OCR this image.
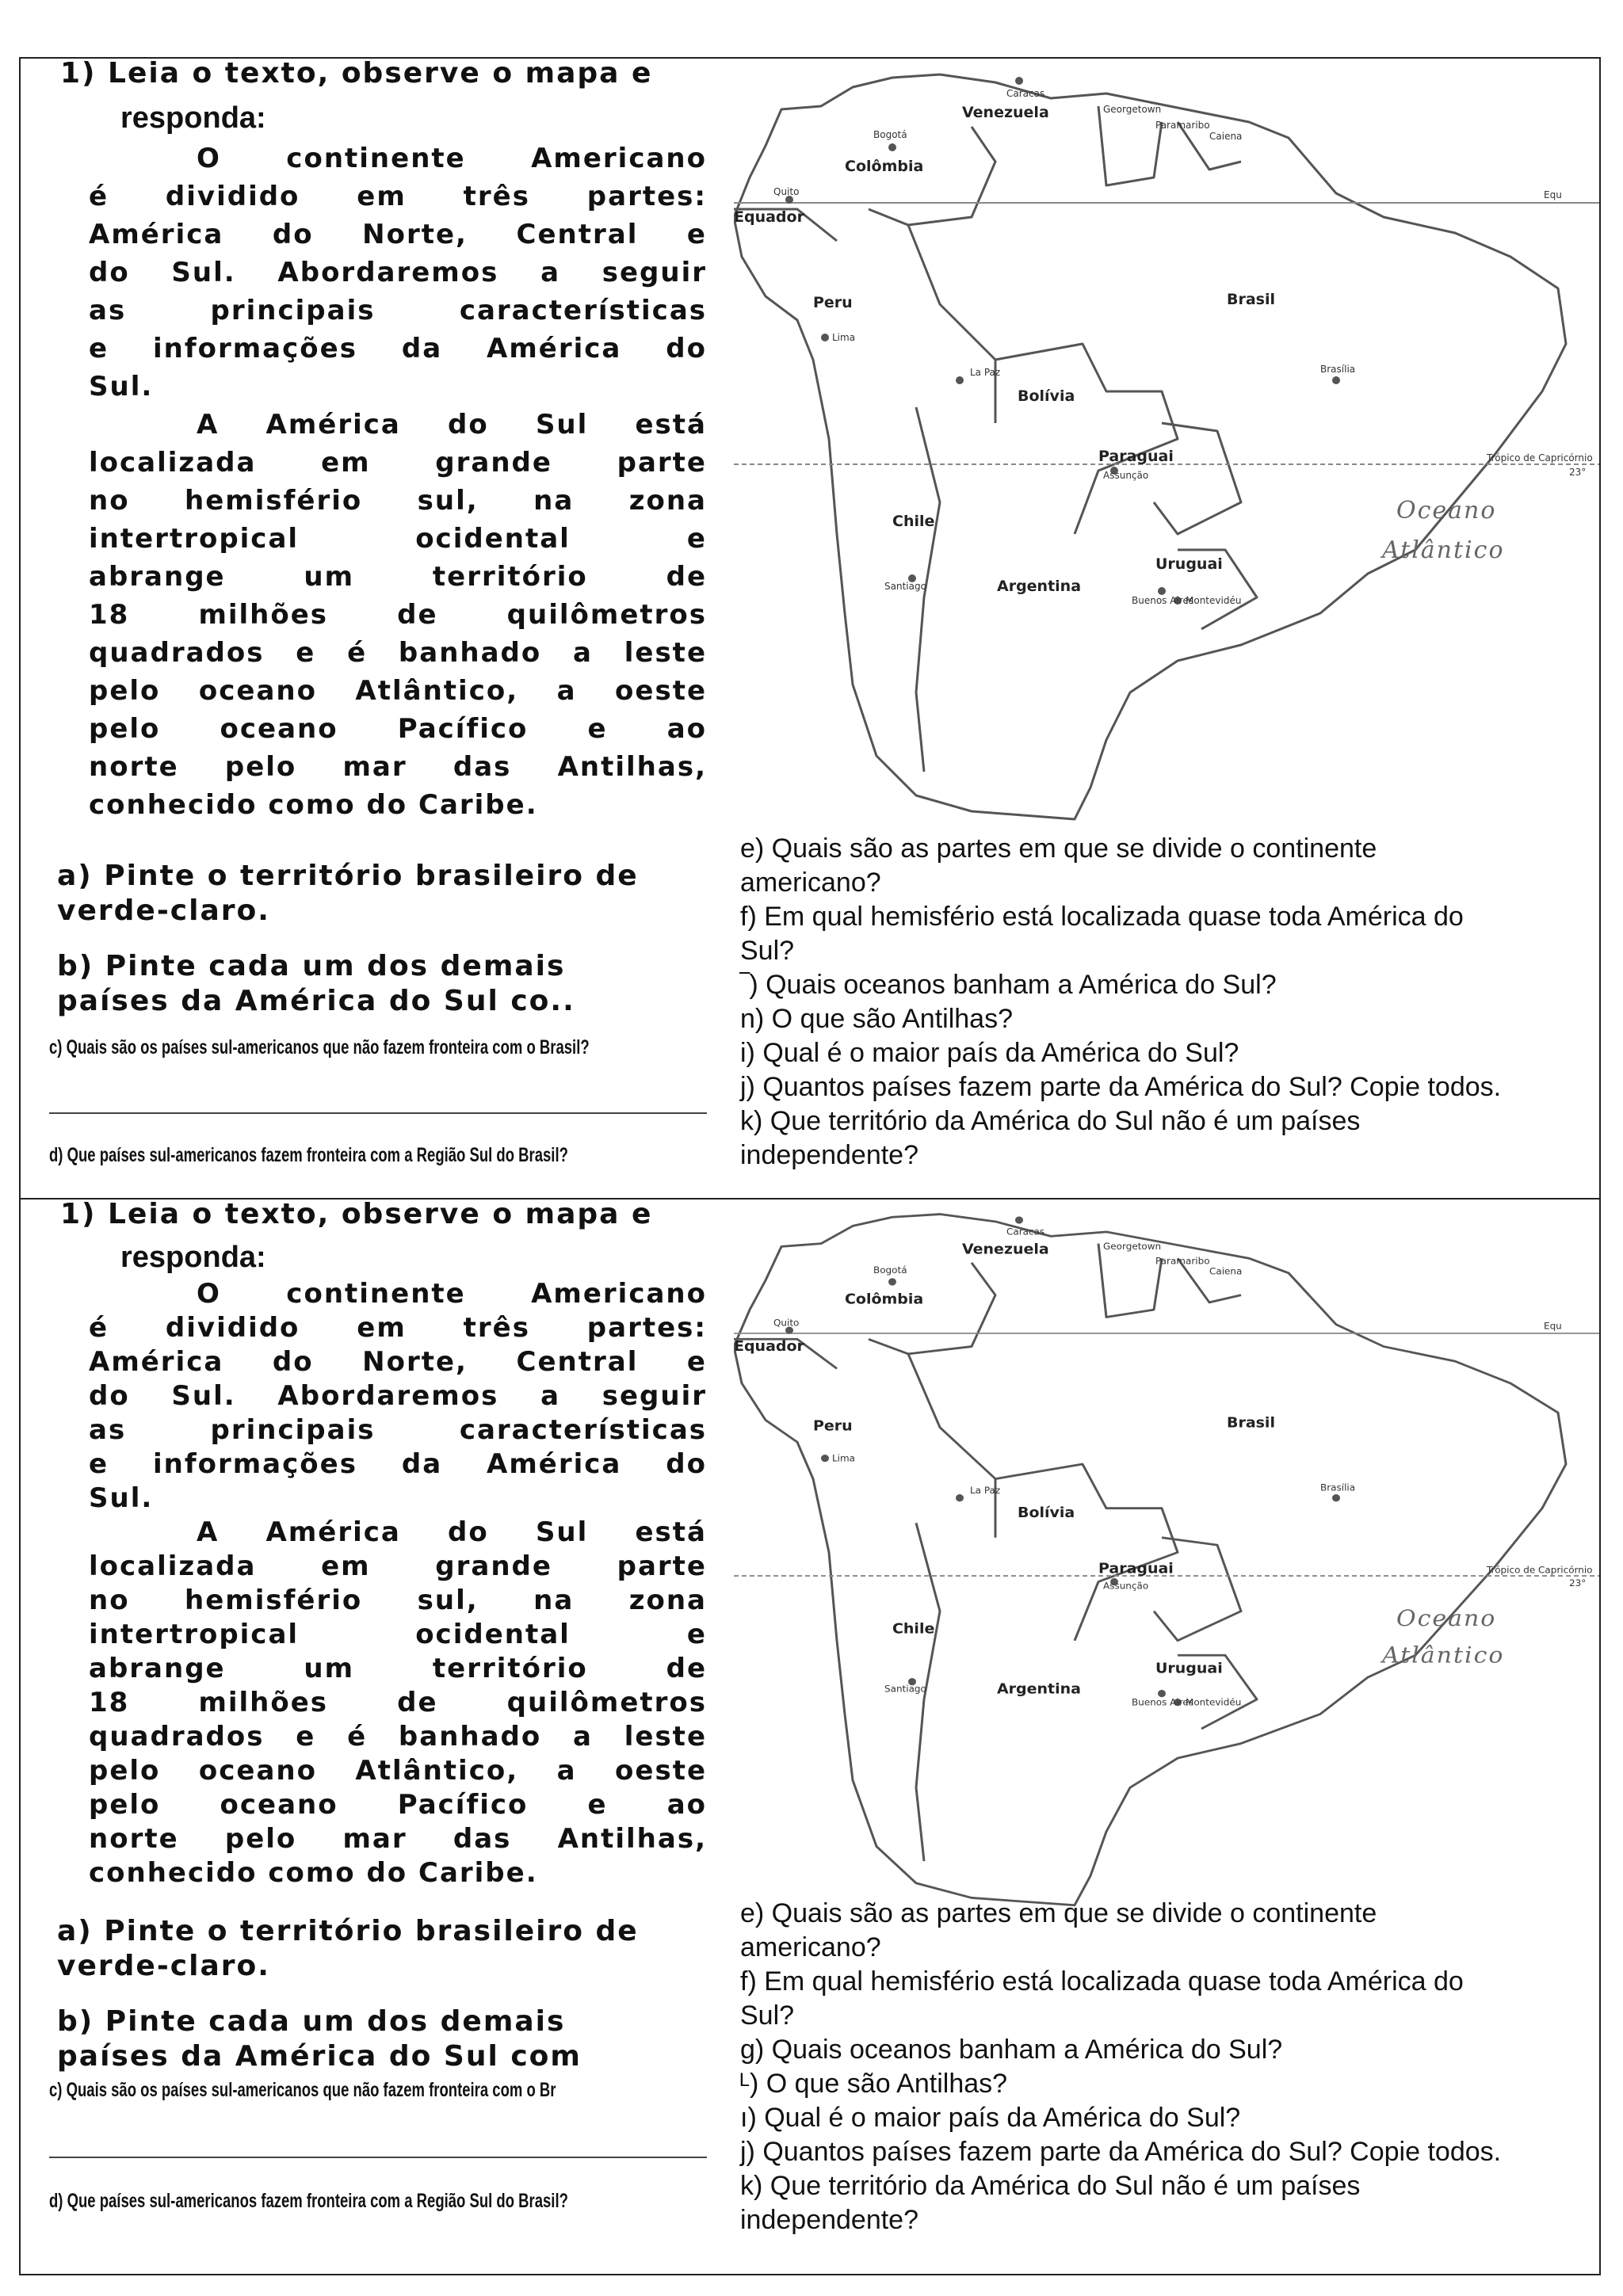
1) Leia o texto, observe o mapa e
responda:

O continente Americano
é dividido em três partes:
América do Norte, Central e
do Sul. Abordaremos a seguir
as principais características
e informações da América do
Sul.

A América do Sul está
localizada em grande parte
no hemisfério sul, na zona
intertropical ocidental e
abrange um território de
18 milhões de quilômetros
quadrados e é banhado a leste
pelo oceano Atlântico, a oeste
pelo oceano Pacífico e ao
norte pelo mar das Antilhas,
conhecido como do Caribe.

a) Pinte o território brasileiro de
verde-claro.
b) Pinte cada um dos demais
países da América do Sul co..
c) Quais são os países sul-americanos que não fazem fronteira com o Brasil?
d) Que países sul-americanos fazem fronteira com a Região Sul do Brasil?
Venezuela
Colômbia
Equador
Peru	Brasil
Bolívia
Paraguai
Chile
Argentina
Uruguai
Caracas
Bogotá
Quito
Lima
La Paz	Brasília
Assunção
Santiago
Buenos Aires
Montevidéu
Georgetown
Paramaribo
Caiena
Equ
Trópico de Capricórnio
23°
Oceano
Atlântico
e) Quais são as partes em que se divide o continente
americano?
f) Em qual hemisfério está localizada quase toda América do
Sul?
‾) Quais oceanos banham a América do Sul?
n) O que são Antilhas?
i) Qual é o maior país da América do Sul?
j) Quantos países fazem parte da América do Sul? Copie todos.
k) Que território da América do Sul não é um países
independente?
1) Leia o texto, observe o mapa e
responda:

O continente Americano
é dividido em três partes:
América do Norte, Central e
do Sul. Abordaremos a seguir
as principais características
e informações da América do
Sul.

A América do Sul está
localizada em grande parte
no hemisfério sul, na zona
intertropical ocidental e
abrange um território de
18 milhões de quilômetros
quadrados e é banhado a leste
pelo oceano Atlântico, a oeste
pelo oceano Pacífico e ao
norte pelo mar das Antilhas,
conhecido como do Caribe.

a) Pinte o território brasileiro de
verde-claro.
b) Pinte cada um dos demais
países da América do Sul com
c) Quais são os países sul-americanos que não fazem fronteira com o Br
d) Que países sul-americanos fazem fronteira com a Região Sul do Brasil?
Venezuela
Colômbia
Equador
Peru	Brasil
Bolívia
Paraguai
Chile
Argentina
Uruguai
Caracas
Bogotá
Quito
Lima
La Paz	Brasília
Assunção
Santiago
Buenos Aires
Montevidéu
Georgetown
Paramaribo
Caiena
Equ
Trópico de Capricórnio
23°
Oceano
Atlântico
e) Quais são as partes em que se divide o continente
americano?
f) Em qual hemisfério está localizada quase toda América do
Sul?
g) Quais oceanos banham a América do Sul?
ᴸ) O que são Antilhas?
ı) Qual é o maior país da América do Sul?
j) Quantos países fazem parte da América do Sul? Copie todos.
k) Que território da América do Sul não é um países
independente?
